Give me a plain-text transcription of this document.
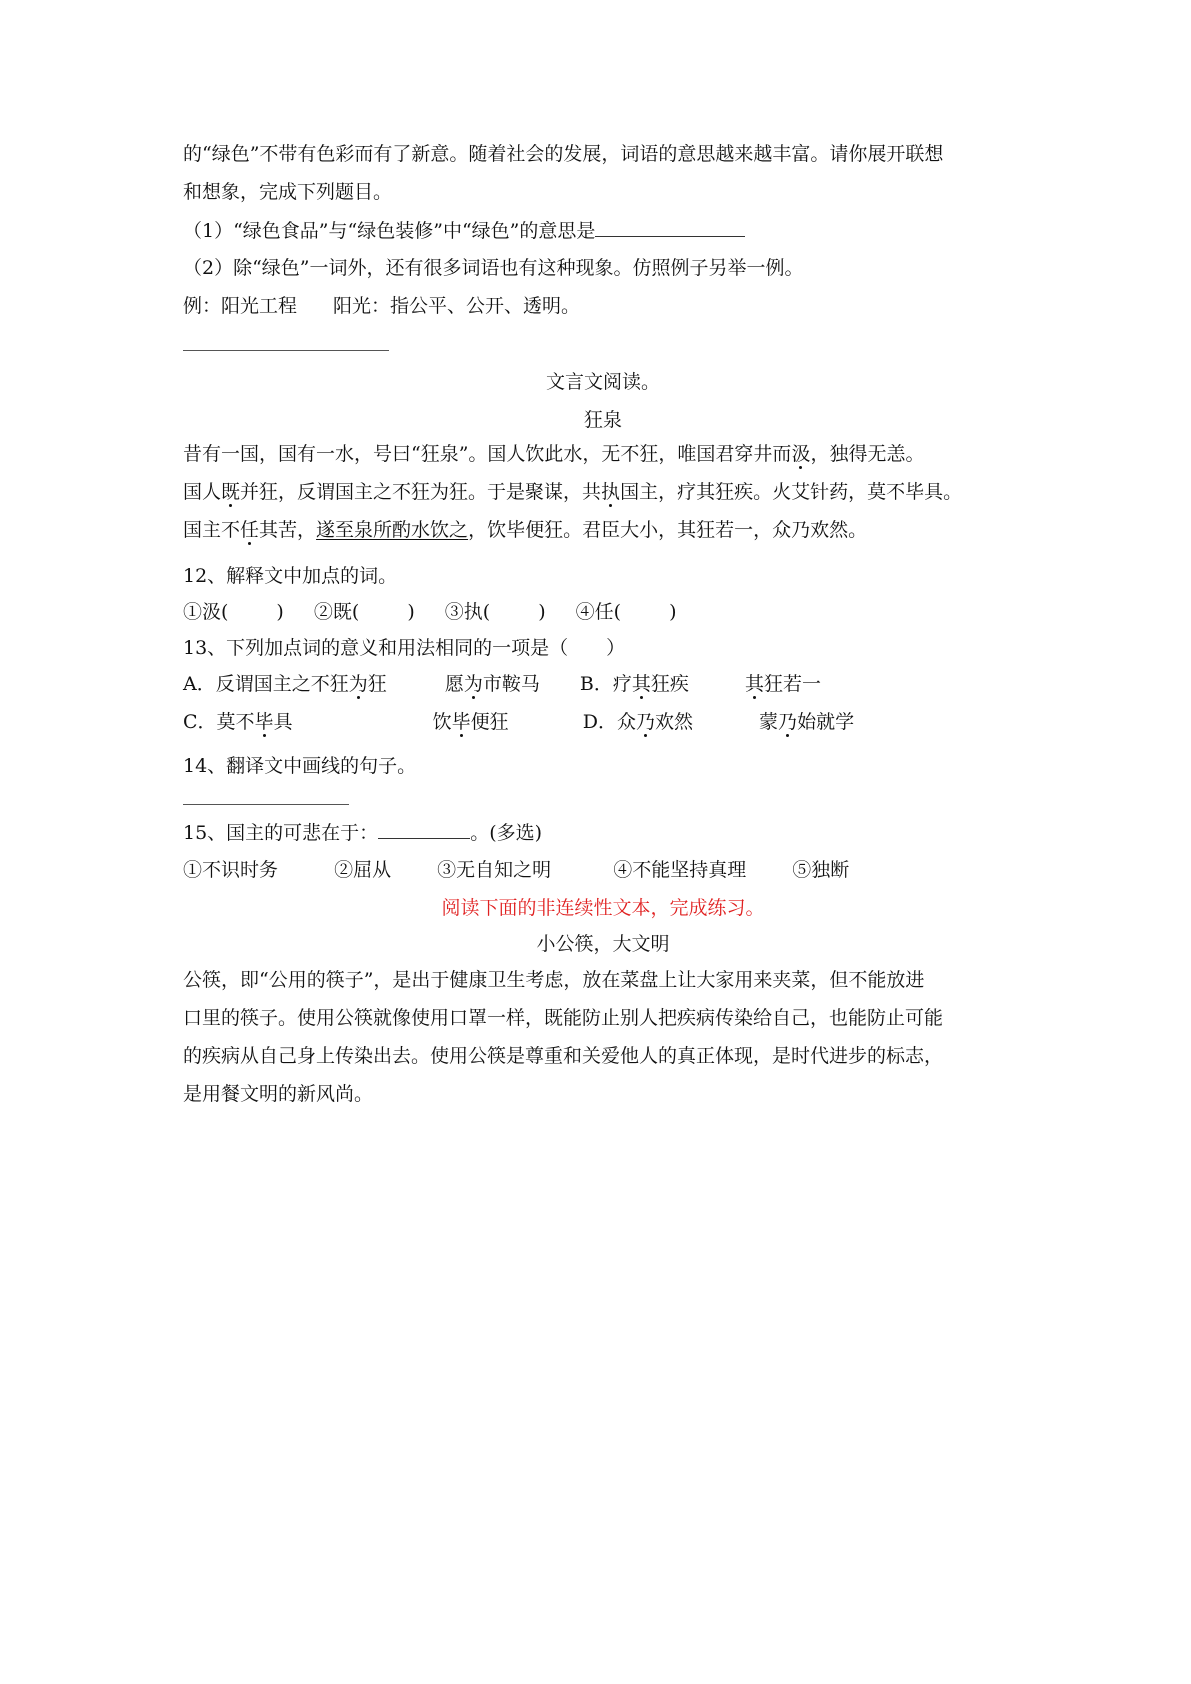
的“绿色”不带有色彩而有了新意。随着社会的发展，词语的意思越来越丰富。请你展开联想
和想象，完成下列题目。
（1）“绿色食品”与“绿色装修”中“绿色”的意思是
（2）除“绿色”一词外，还有很多词语也有这种现象。仿照例子另举一例。
例：阳光工程 阳光：指公平、公开、透明。
文言文阅读。
狂泉
昔有一国，国有一水，号曰“狂泉”。国人饮此水，无不狂，唯国君穿井而汲，独得无恙。
国人既并狂，反谓国主之不狂为狂。于是聚谋，共执国主，疗其狂疾。火艾针药，莫不毕具。
国主不任其苦，遂至泉所酌水饮之，饮毕便狂。君臣大小，其狂若一，众乃欢然。
12、解释文中加点的词。
①汲(	) ②既(	) ③执(	) ④任(	)
13、下列加点词的意义和用法相同的一项是（　　）
A．反谓国主之不狂为狂	愿为市鞍马 B．疗其狂疾	其狂若一
C．莫不毕具	饮毕便狂	D．众乃欢然	蒙乃始就学
14、翻译文中画线的句子。
15、国主的可悲在于：	。(多选)
①不识时务	②屈从 ③无自知之明	④不能坚持真理 ⑤独断
阅读下面的非连续性文本，完成练习。
小公筷，大文明
公筷，即“公用的筷子”，是出于健康卫生考虑，放在菜盘上让大家用来夹菜，但不能放进
口里的筷子。使用公筷就像使用口罩一样，既能防止别人把疾病传染给自己，也能防止可能
的疾病从自己身上传染出去。使用公筷是尊重和关爱他人的真正体现，是时代进步的标志，
是用餐文明的新风尚。
